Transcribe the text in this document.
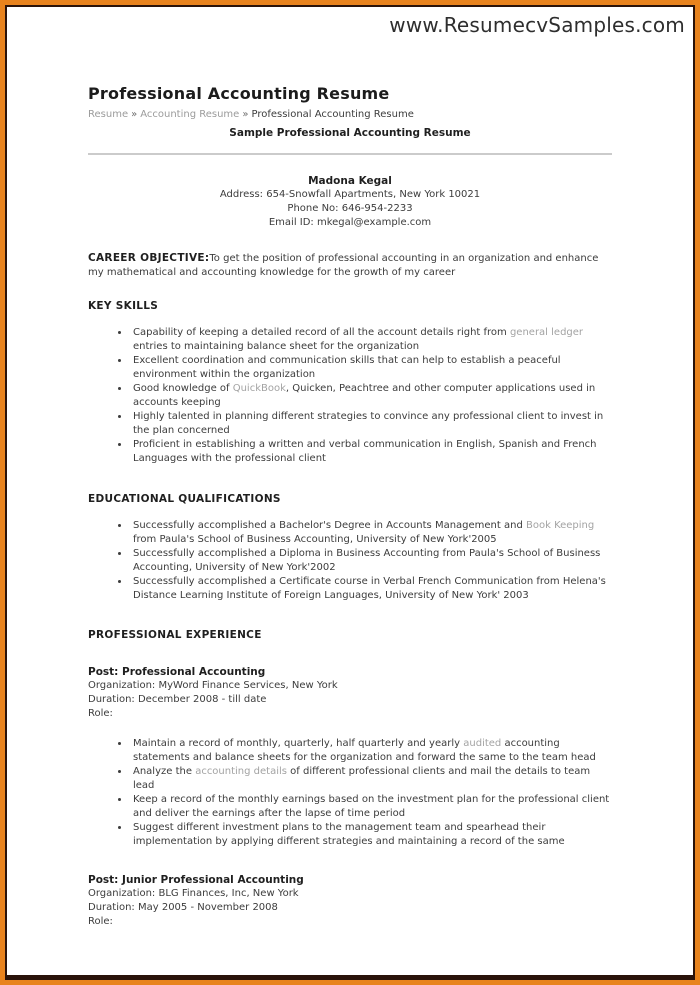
www.ResumecvSamples.com
Professional Accounting Resume
Resume » Accounting Resume » Professional Accounting Resume
Sample Professional Accounting Resume
Madona Kegal
Address: 654-Snowfall Apartments, New York 10021
Phone No: 646-954-2233
Email ID: mkegal@example.com

CAREER OBJECTIVE:To get the position of professional accounting in an organization and enhance my mathematical and accounting knowledge for the growth of my career

KEY SKILLS
• Capability of keeping a detailed record of all the account details right from general ledger entries to maintaining balance sheet for the organization
• Excellent coordination and communication skills that can help to establish a peaceful environment within the organization
• Good knowledge of QuickBook, Quicken, Peachtree and other computer applications used in accounts keeping
• Highly talented in planning different strategies to convince any professional client to invest in the plan concerned
• Proficient in establishing a written and verbal communication in English, Spanish and French Languages with the professional client
EDUCATIONAL QUALIFICATIONS
• Successfully accomplished a Bachelor's Degree in Accounts Management and Book Keeping from Paula's School of Business Accounting, University of New York'2005
• Successfully accomplished a Diploma in Business Accounting from Paula's School of Business Accounting, University of New York'2002
• Successfully accomplished a Certificate course in Verbal French Communication from Helena's Distance Learning Institute of Foreign Languages, University of New York' 2003
PROFESSIONAL EXPERIENCE
Post: Professional Accounting
Organization: MyWord Finance Services, New York
Duration: December 2008 - till date
Role:
• Maintain a record of monthly, quarterly, half quarterly and yearly audited accounting statements and balance sheets for the organization and forward the same to the team head
• Analyze the accounting details of different professional clients and mail the details to team lead
• Keep a record of the monthly earnings based on the investment plan for the professional client and deliver the earnings after the lapse of time period
• Suggest different investment plans to the management team and spearhead their implementation by applying different strategies and maintaining a record of the same
Post: Junior Professional Accounting
Organization: BLG Finances, Inc, New York
Duration: May 2005 - November 2008
Role:
